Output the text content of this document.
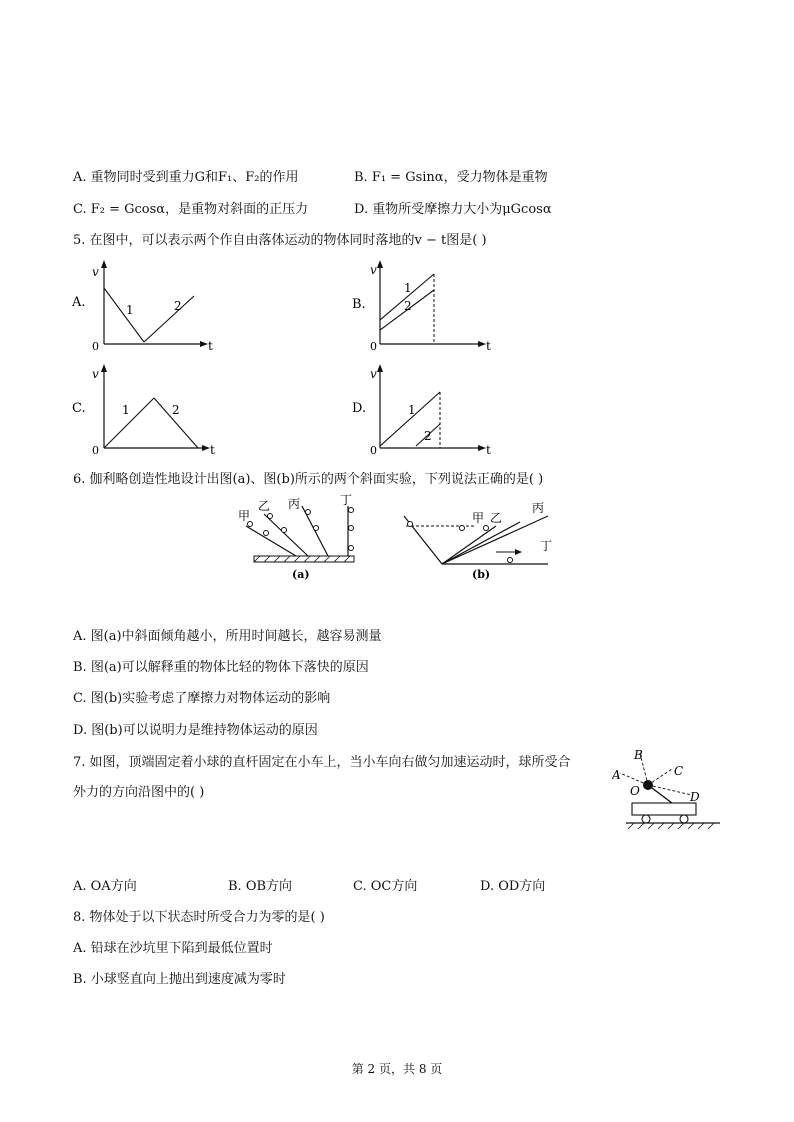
A. 重物同时受到重力G和F₁、F₂的作用	B. F₁ = Gsinα，受力物体是重物
C. F₂ = Gcosα，是重物对斜面的正压力	D. 重物所受摩擦力大小为μGcosα
5. 在图中，可以表示两个作自由落体运动的物体同时落地的v − t图是( )
A.
v
t
0
1	2	B.
v
t
0
1
2
C.
v
t
0
1	2	D.
v
t
0
1
2
6. 伽利略创造性地设计出图(a)、图(b)所示的两个斜面实验，下列说法正确的是( )
甲
乙 丙	丁
(a)
甲 乙
丙
丁
(b)
A. 图(a)中斜面倾角越小，所用时间越长，越容易测量
B. 图(a)可以解释重的物体比轻的物体下落快的原因
C. 图(b)实验考虑了摩擦力对物体运动的影响
D. 图(b)可以说明力是维持物体运动的原因
7. 如图，顶端固定着小球的直杆固定在小车上，当小车向右做匀加速运动时，球所受合
外力的方向沿图中的( )
B
A	C
O	D
A. OA方向	B. OB方向	C. OC方向	D. OD方向
8. 物体处于以下状态时所受合力为零的是( )
A. 铅球在沙坑里下陷到最低位置时
B. 小球竖直向上抛出到速度减为零时
第 2 页，共 8 页
